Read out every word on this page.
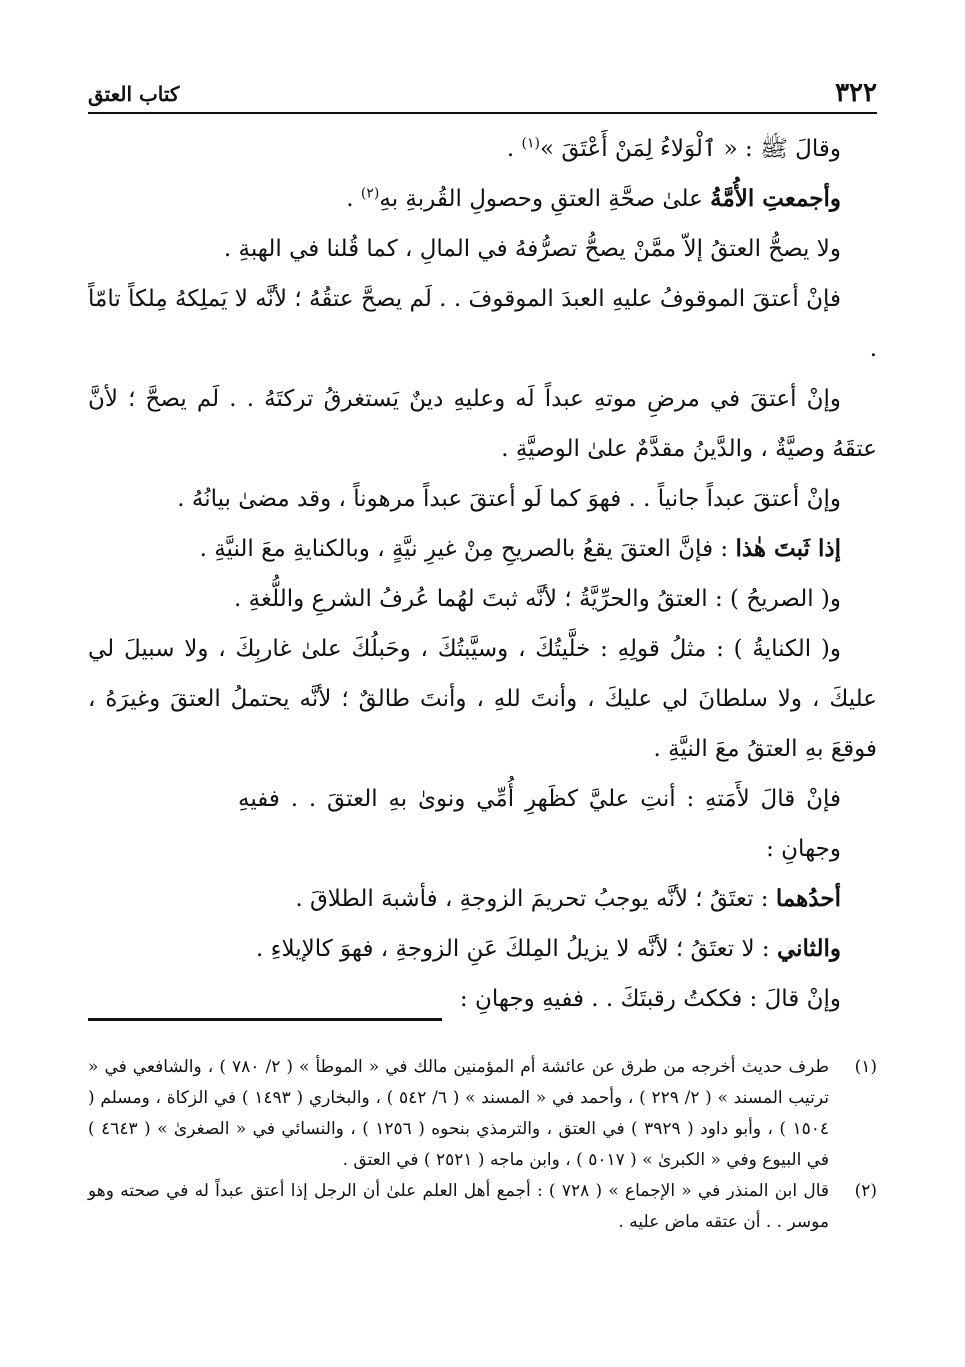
٣٢٢
كتاب العتق

وقالَ ﷺ : « ٱلْوَلاءُ لِمَنْ أَعْتَقَ »$^{(١)}$ .

وأجمعتِ الأُمَّةُ علىٰ صحَّةِ العتقِ وحصولِ القُربةِ بهِ$^{(٢)}$ .

ولا يصحُّ العتقُ إلاّ ممَّنْ يصحُّ تصرُّفهُ في المالِ ، كما قُلنا في الهبةِ .

فإنْ أعتقَ الموقوفُ عليهِ العبدَ الموقوفَ . . لَم يصحَّ عتقُهُ ؛ لأنَّه لا يَملِكهُ مِلكاً تامّاً .

وإنْ أعتقَ في مرضِ موتهِ عبداً لَه وعليهِ دينٌ يَستغرقُ تركتَهُ . . لَم يصحَّ ؛ لأنَّ عتقَهُ وصيَّةٌ ، والدَّينُ مقدَّمٌ علىٰ الوصيَّةِ .

وإنْ أعتقَ عبداً جانياً . . فهوَ كما لَو أعتقَ عبداً مرهوناً ، وقد مضىٰ بيانُهُ .

إذا ثَبتَ هٰذا : فإنَّ العتقَ يقعُ بالصريحِ مِنْ غيرِ نيَّةٍ ، وبالكنايةِ معَ النيَّةِ .

و( الصريحُ ) : العتقُ والحرِّيَّةُ ؛ لأنَّه ثبتَ لهُما عُرفُ الشرعِ واللُّغةِ .

و( الكنايةُ ) : مثلُ قولِهِ : خلَّيتُكَ ، وسيَّبتُكَ ، وحَبلُكَ علىٰ غاربِكَ ، ولا سبيلَ لي عليكَ ، ولا سلطانَ لي عليكَ ، وأنتَ للهِ ، وأنتَ طالقٌ ؛ لأنَّه يحتملُ العتقَ وغيرَهُ ، فوقعَ بهِ العتقُ معَ النيَّةِ .

فإنْ قالَ لأَمَتهِ : أنتِ عليَّ كظَهرِ أُمِّي ونوىٰ بهِ العتقَ . . ففيهِ وجهانِ :

أحدُهما : تعتَقُ ؛ لأنَّه يوجبُ تحريمَ الزوجةِ ، فأشبهَ الطلاقَ .

والثاني : لا تعتَقُ ؛ لأنَّه لا يزيلُ المِلكَ عَنِ الزوجةِ ، فهوَ كالإيلاءِ .

وإنْ قالَ : فككتُ رقبتَكَ . . ففيهِ وجهانِ :

(١)
طرف حديث أخرجه من طرق عن عائشة أم المؤمنين مالك في « الموطأ » ( ٢/ ٧٨٠ ) ، والشافعي في « ترتيب المسند » ( ٢/ ٢٢٩ ) ، وأحمد في « المسند » ( ٦/ ٥٤٢ ) ، والبخاري ( ١٤٩٣ ) في الزكاة ، ومسلم ( ١٥٠٤ ) ، وأبو داود ( ٣٩٢٩ ) في العتق ، والترمذي بنحوه ( ١٢٥٦ ) ، والنسائي في « الصغرىٰ » ( ٤٦٤٣ ) في البيوع وفي « الكبرىٰ » ( ٥٠١٧ ) ، وابن ماجه ( ٢٥٢١ ) في العتق .
(٢)
قال ابن المنذر في « الإجماع » ( ٧٢٨ ) : أجمع أهل العلم علىٰ أن الرجل إذا أعتق عبداً له في صحته وهو موسر . . أن عتقه ماض عليه .
